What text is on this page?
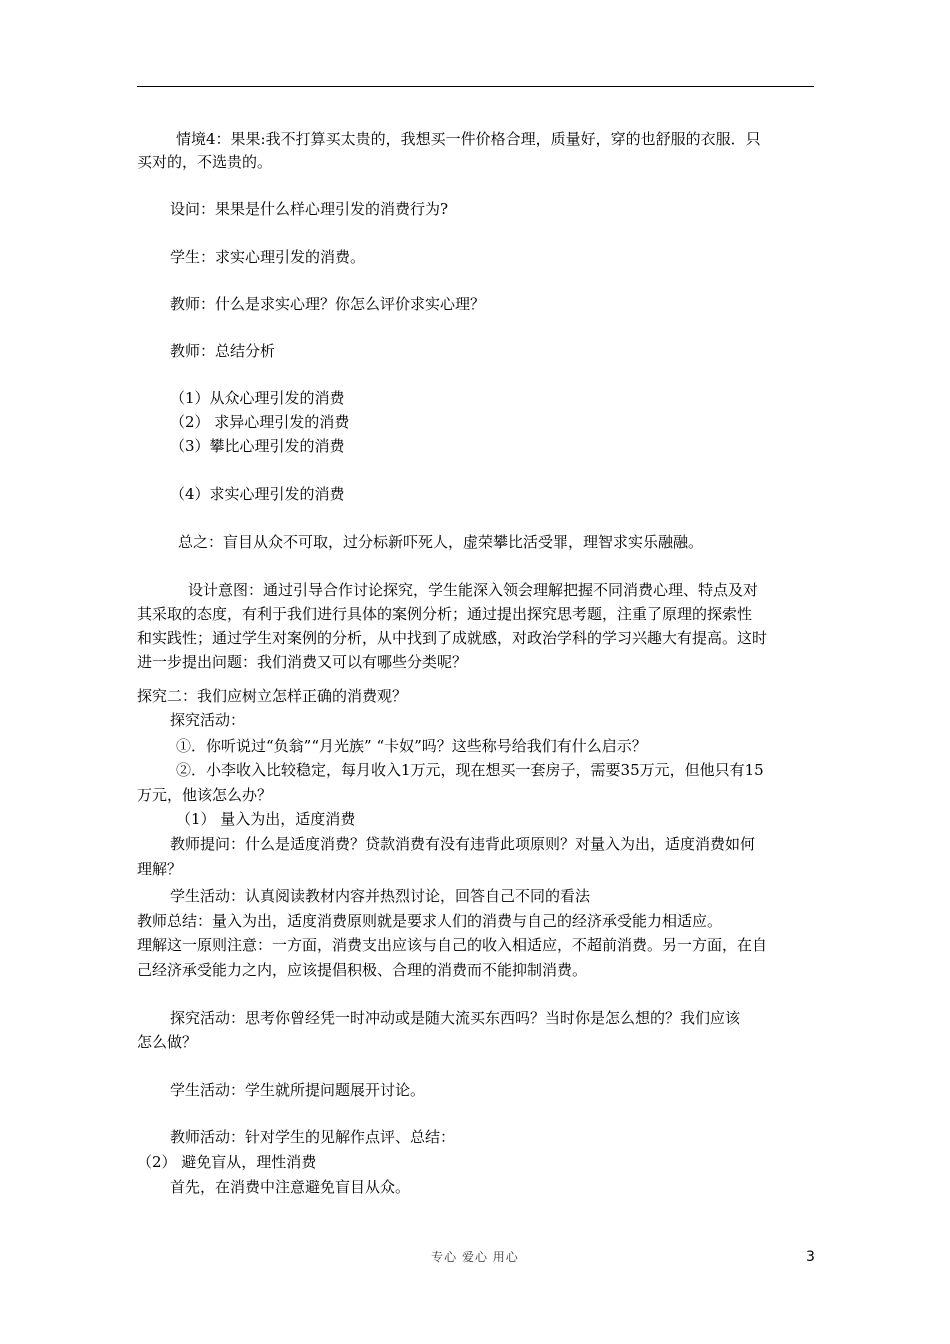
情境4：果果:我不打算买太贵的，我想买一件价格合理，质量好，穿的也舒服的衣服．只
买对的，不选贵的。
设问：果果是什么样心理引发的消费行为?
学生：求实心理引发的消费。
教师：什么是求实心理？你怎么评价求实心理？
教师：总结分析
（1）从众心理引发的消费
（2） 求异心理引发的消费
（3）攀比心理引发的消费
（4）求实心理引发的消费
总之：盲目从众不可取，过分标新吓死人，虚荣攀比活受罪，理智求实乐融融。
设计意图：通过引导合作讨论探究，学生能深入领会理解把握不同消费心理、特点及对
其采取的态度，有利于我们进行具体的案例分析；通过提出探究思考题，注重了原理的探索性
和实践性；通过学生对案例的分析，从中找到了成就感，对政治学科的学习兴趣大有提高。这时
进一步提出问题：我们消费又可以有哪些分类呢？
探究二：我们应树立怎样正确的消费观？
探究活动：
①．你听说过“负翁”“月光族” “卡奴”吗？这些称号给我们有什么启示？
②．小李收入比较稳定，每月收入1万元，现在想买一套房子，需要35万元，但他只有15
万元，他该怎么办？
（1） 量入为出，适度消费
教师提问：什么是适度消费？贷款消费有没有违背此项原则？对量入为出，适度消费如何
理解？
学生活动：认真阅读教材内容并热烈讨论，回答自己不同的看法
教师总结：量入为出，适度消费原则就是要求人们的消费与自己的经济承受能力相适应。
理解这一原则注意：一方面，消费支出应该与自己的收入相适应，不超前消费。另一方面，在自
己经济承受能力之内，应该提倡积极、合理的消费而不能抑制消费。
探究活动：思考你曾经凭一时冲动或是随大流买东西吗？当时你是怎么想的？我们应该
怎么做？
学生活动：学生就所提问题展开讨论。
教师活动：针对学生的见解作点评、总结：
（2） 避免盲从，理性消费
首先，在消费中注意避免盲目从众。
专心 爱心 用心	3
